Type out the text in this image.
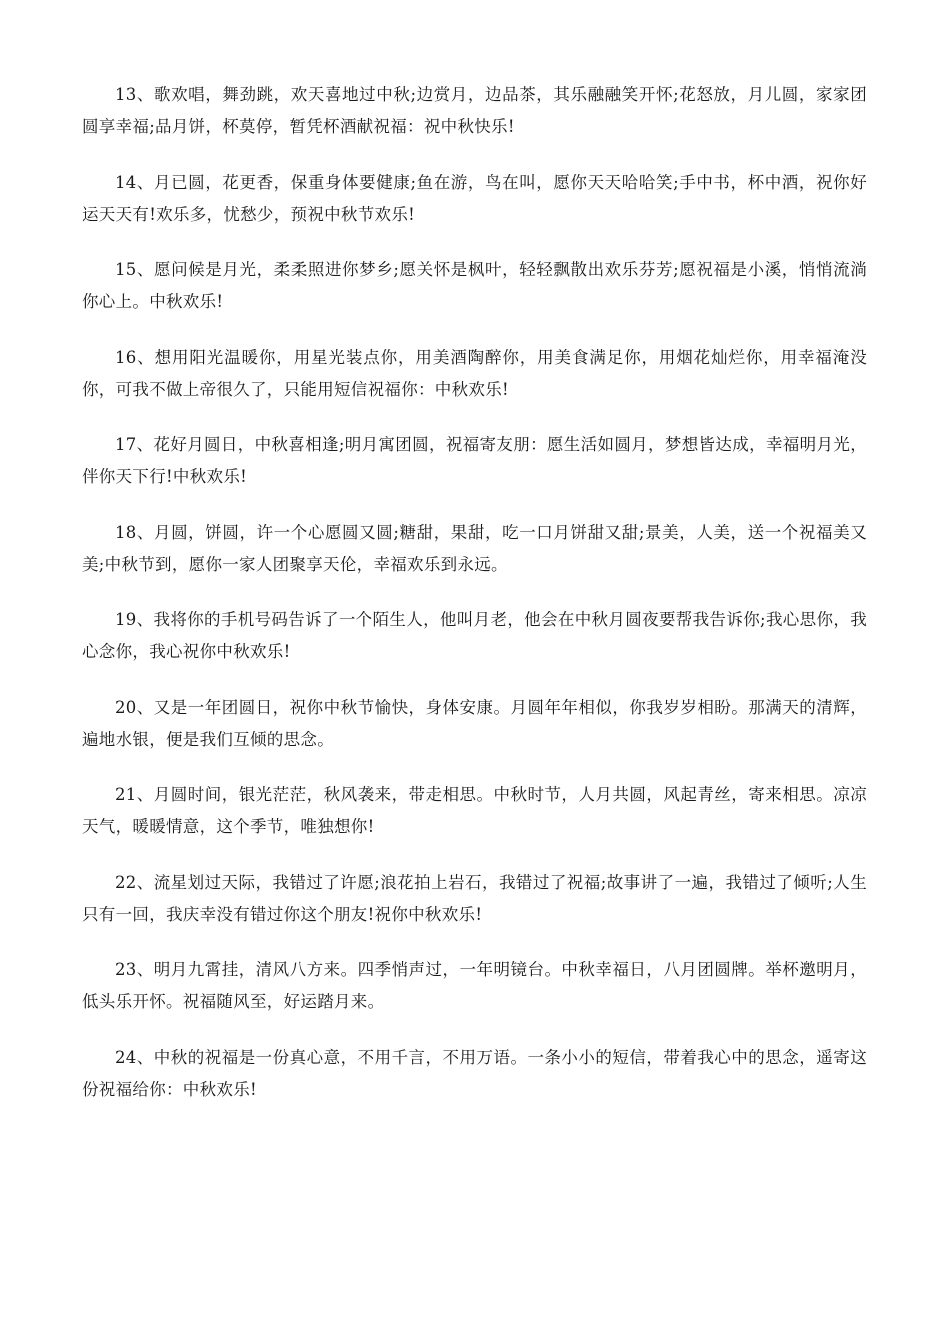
13、歌欢唱，舞劲跳，欢天喜地过中秋;边赏月，边品茶，其乐融融笑开怀;花怒放，月儿圆，家家团圆享幸福;品月饼，杯莫停，暂凭杯酒献祝福：祝中秋快乐!

14、月已圆，花更香，保重身体要健康;鱼在游，鸟在叫，愿你天天哈哈笑;手中书，杯中酒，祝你好运天天有!欢乐多，忧愁少，预祝中秋节欢乐!

15、愿问候是月光，柔柔照进你梦乡;愿关怀是枫叶，轻轻飘散出欢乐芬芳;愿祝福是小溪，悄悄流淌你心上。中秋欢乐!

16、想用阳光温暖你，用星光装点你，用美酒陶醉你，用美食满足你，用烟花灿烂你，用幸福淹没你，可我不做上帝很久了，只能用短信祝福你：中秋欢乐!

17、花好月圆日，中秋喜相逢;明月寓团圆，祝福寄友朋：愿生活如圆月，梦想皆达成，幸福明月光，伴你天下行!中秋欢乐!

18、月圆，饼圆，许一个心愿圆又圆;糖甜，果甜，吃一口月饼甜又甜;景美，人美，送一个祝福美又美;中秋节到，愿你一家人团聚享天伦，幸福欢乐到永远。

19、我将你的手机号码告诉了一个陌生人，他叫月老，他会在中秋月圆夜要帮我告诉你;我心思你，我心念你，我心祝你中秋欢乐!

20、又是一年团圆日，祝你中秋节愉快，身体安康。月圆年年相似，你我岁岁相盼。那满天的清辉，遍地水银，便是我们互倾的思念。

21、月圆时间，银光茫茫，秋风袭来，带走相思。中秋时节，人月共圆，风起青丝，寄来相思。凉凉天气，暖暖情意，这个季节，唯独想你!

22、流星划过天际，我错过了许愿;浪花拍上岩石，我错过了祝福;故事讲了一遍，我错过了倾听;人生只有一回，我庆幸没有错过你这个朋友!祝你中秋欢乐!

23、明月九霄挂，清风八方来。四季悄声过，一年明镜台。中秋幸福日，八月团圆牌。举杯邀明月，低头乐开怀。祝福随风至，好运踏月来。

24、中秋的祝福是一份真心意，不用千言，不用万语。一条小小的短信，带着我心中的思念，遥寄这份祝福给你：中秋欢乐!
